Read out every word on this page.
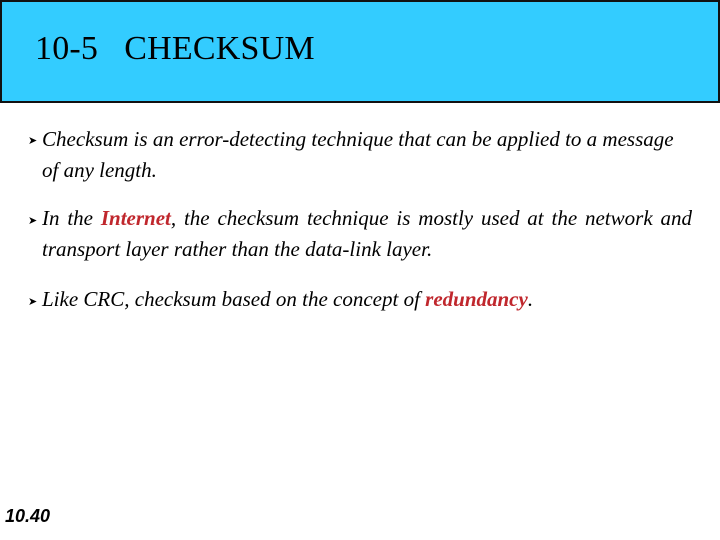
10-5   CHECKSUM
➤ Checksum is an error-detecting technique that can be applied to a message of any length.

➤ In the Internet, the checksum technique is mostly used at the network and transport layer rather than the data-link layer.

➤ Like CRC, checksum based on the concept of redundancy.

10.40
